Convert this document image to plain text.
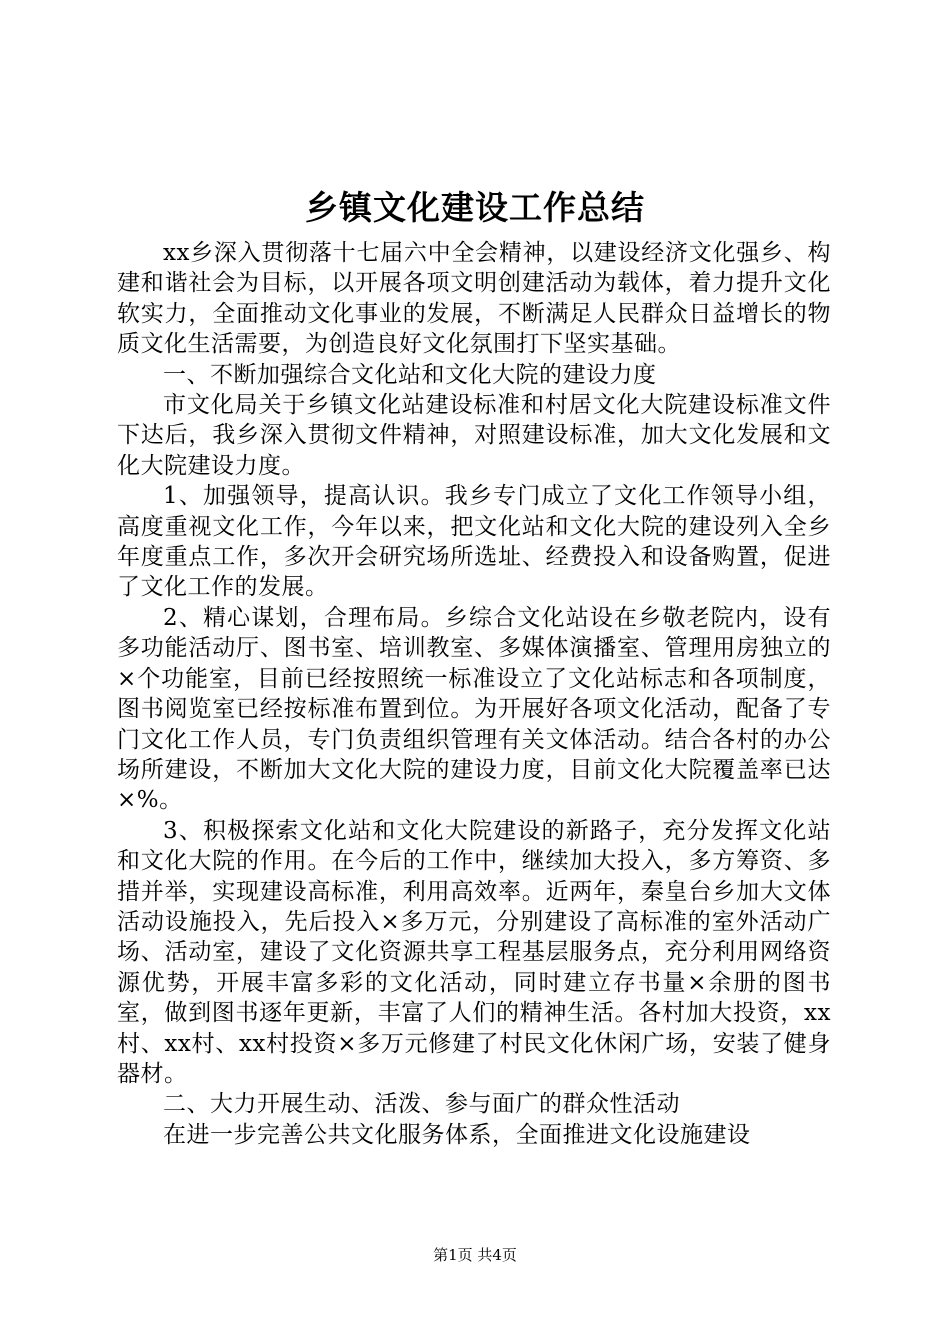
乡镇文化建设工作总结

xx乡深入贯彻落十七届六中全会精神，以建设经济文化强乡、构建和谐社会为目标，以开展各项文明创建活动为载体，着力提升文化软实力，全面推动文化事业的发展，不断满足人民群众日益增长的物质文化生活需要，为创造良好文化氛围打下坚实基础。

一、不断加强综合文化站和文化大院的建设力度

市文化局关于乡镇文化站建设标准和村居文化大院建设标准文件下达后，我乡深入贯彻文件精神，对照建设标准，加大文化发展和文化大院建设力度。

1、加强领导，提高认识。我乡专门成立了文化工作领导小组，高度重视文化工作，今年以来，把文化站和文化大院的建设列入全乡年度重点工作，多次开会研究场所选址、经费投入和设备购置，促进了文化工作的发展。

2、精心谋划，合理布局。乡综合文化站设在乡敬老院内，设有多功能活动厅、图书室、培训教室、多媒体演播室、管理用房独立的×个功能室，目前已经按照统一标准设立了文化站标志和各项制度，图书阅览室已经按标准布置到位。为开展好各项文化活动，配备了专门文化工作人员，专门负责组织管理有关文体活动。结合各村的办公场所建设，不断加大文化大院的建设力度，目前文化大院覆盖率已达×%。

3、积极探索文化站和文化大院建设的新路子，充分发挥文化站和文化大院的作用。在今后的工作中，继续加大投入，多方筹资、多措并举，实现建设高标准，利用高效率。近两年，秦皇台乡加大文体活动设施投入，先后投入×多万元，分别建设了高标准的室外活动广场、活动室，建设了文化资源共享工程基层服务点，充分利用网络资源优势，开展丰富多彩的文化活动，同时建立存书量×余册的图书室，做到图书逐年更新，丰富了人们的精神生活。各村加大投资，xx村、xx村、xx村投资×多万元修建了村民文化休闲广场，安装了健身器材。

二、大力开展生动、活泼、参与面广的群众性活动

在进一步完善公共文化服务体系，全面推进文化设施建设

第1页 共4页
